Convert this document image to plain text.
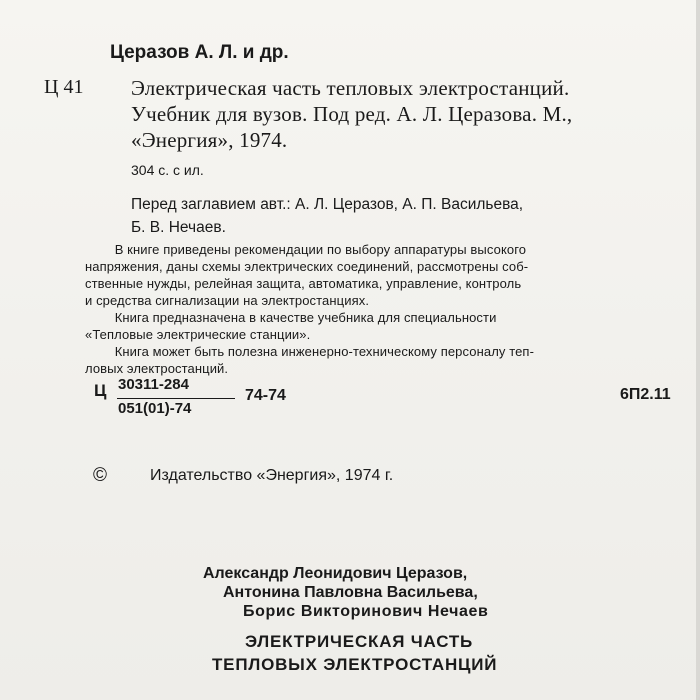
Церазов А. Л. и др.
Ц 41 Электрическая часть тепловых электростанций.
Учебник для вузов. Под ред. А. Л. Церазова. М.,
«Энергия», 1974.
304 с. с ил.
Перед заглавием авт.: А. Л. Церазов, А. П. Васильева,
Б. В. Нечаев.
В книге приведены рекомендации по выбору аппаратуры высокого
напряжения, даны схемы электрических соединений, рассмотрены соб-
ственные нужды, релейная защита, автоматика, управление, контроль
и средства сигнализации на электростанциях.
Книга предназначена в качестве учебника для специальности
«Тепловые электрические станции».
Книга может быть полезна инженерно-техническому персоналу теп-
ловых электростанций.
Ц 30311-284
051(01)-74
74-74	6П2.11
©	Издательство «Энергия», 1974 г.
Александр Леонидович Церазов,
Антонина Павловна Васильева,
Борис Викторинович Нечаев
ЭЛЕКТРИЧЕСКАЯ ЧАСТЬ
ТЕПЛОВЫХ ЭЛЕКТРОСТАНЦИЙ
